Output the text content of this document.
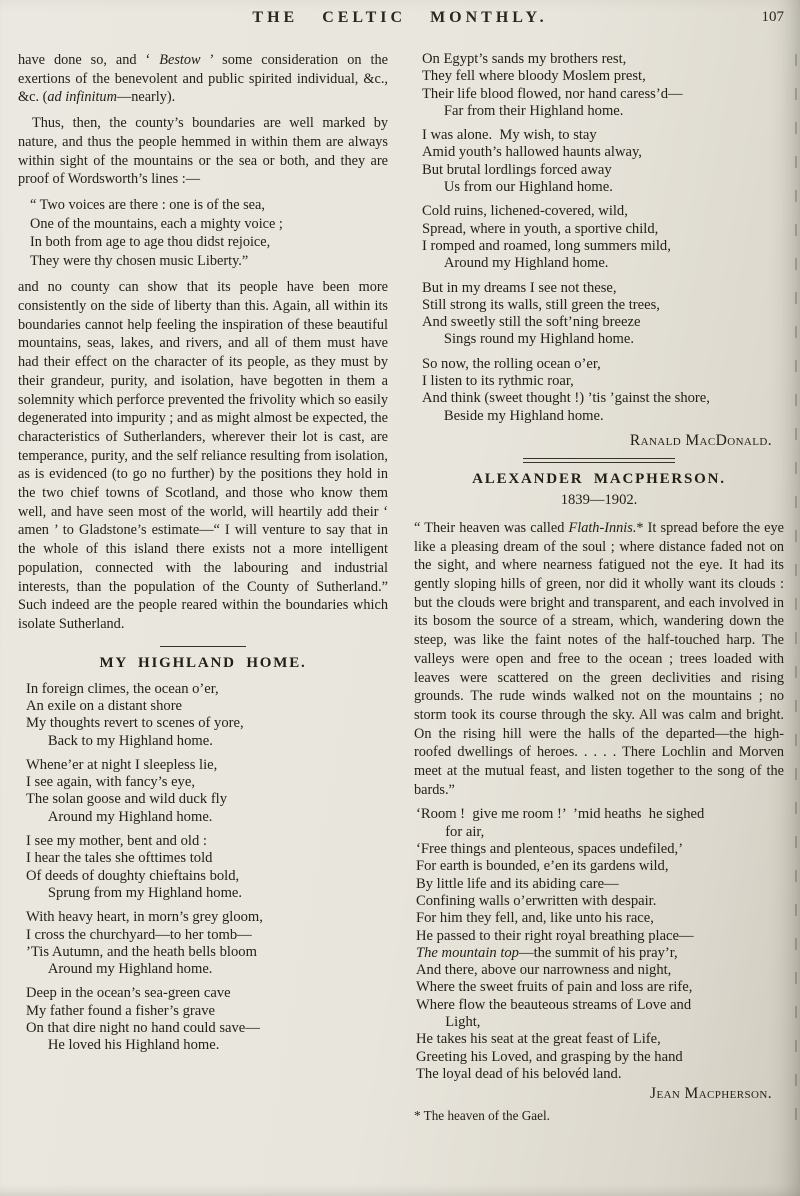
THE CELTIC MONTHLY.	107

have done so, and ‘ Bestow ’ some consideration on the exertions of the benevolent and public spirited individual, &c., &c. (ad infinitum—nearly).

Thus, then, the county’s boundaries are well marked by nature, and thus the people hemmed in within them are always within sight of the mountains or the sea or both, and they are proof of Wordsworth’s lines :—

“ Two voices are there : one is of the sea,
One of the mountains, each a mighty voice ;
In both from age to age thou didst rejoice,
They were thy chosen music Liberty.”

and no county can show that its people have been more consistently on the side of liberty than this. Again, all within its boundaries cannot help feeling the inspiration of these beautiful mountains, seas, lakes, and rivers, and all of them must have had their effect on the character of its people, as they must by their grandeur, purity, and isolation, have begotten in them a solemnity which perforce prevented the frivolity which so easily degenerated into impurity ; and as might almost be expected, the characteristics of Sutherlanders, wherever their lot is cast, are temperance, purity, and the self reliance resulting from isolation, as is evidenced (to go no further) by the positions they hold in the two chief towns of Scotland, and those who know them well, and have seen most of the world, will heartily add their ‘ amen ’ to Gladstone’s estimate—“ I will venture to say that in the whole of this island there exists not a more intelligent population, connected with the labouring and industrial interests, than the population of the County of Sutherland.” Such indeed are the people reared within the boundaries which isolate Sutherland.

MY HIGHLAND HOME.
In foreign climes, the ocean o’er,
An exile on a distant shore
My thoughts revert to scenes of yore,
Back to my Highland home.
Whene’er at night I sleepless lie,
I see again, with fancy’s eye,
The solan goose and wild duck fly
Around my Highland home.
I see my mother, bent and old :
I hear the tales she ofttimes told
Of deeds of doughty chieftains bold,
Sprung from my Highland home.
With heavy heart, in morn’s grey gloom,
I cross the churchyard—to her tomb—
’Tis Autumn, and the heath bells bloom
Around my Highland home.
Deep in the ocean’s sea-green cave
My father found a fisher’s grave
On that dire night no hand could save—
He loved his Highland home.
On Egypt’s sands my brothers rest,
They fell where bloody Moslem prest,
Their life blood flowed, nor hand caress’d—
Far from their Highland home.
I was alone.  My wish, to stay
Amid youth’s hallowed haunts alway,
But brutal lordlings forced away
Us from our Highland home.
Cold ruins, lichened-covered, wild,
Spread, where in youth, a sportive child,
I romped and roamed, long summers mild,
Around my Highland home.
But in my dreams I see not these,
Still strong its walls, still green the trees,
And sweetly still the soft’ning breeze
Sings round my Highland home.
So now, the rolling ocean o’er,
I listen to its rythmic roar,
And think (sweet thought !) ’tis ’gainst the shore,
Beside my Highland home.
Ranald MacDonald.
ALEXANDER MACPHERSON.
1839—1902.

“ Their heaven was called Flath-Innis.* It spread before the eye like a pleasing dream of the soul ; where distance faded not on the sight, and where nearness fatigued not the eye. It had its gently sloping hills of green, nor did it wholly want its clouds : but the clouds were bright and transparent, and each involved in its bosom the source of a stream, which, wandering down the steep, was like the faint notes of the half-touched harp. The valleys were open and free to the ocean ; trees loaded with leaves were scattered on the green declivities and rising grounds. The rude winds walked not on the mountains ; no storm took its course through the sky. All was calm and bright. On the rising hill were the halls of the departed—the high-roofed dwellings of heroes. . . . . There Lochlin and Morven meet at the mutual feast, and listen together to the song of the bards.”

‘Room !  give me room !’  ’mid heaths  he sighed
for air,
‘Free things and plenteous, spaces undefiled,’
For earth is bounded, e’en its gardens wild,
By little life and its abiding care—
Confining walls o’erwritten with despair.
For him they fell, and, like unto his race,
He passed to their right royal breathing place—
The mountain top—the summit of his pray’r,
And there, above our narrowness and night,
Where the sweet fruits of pain and loss are rife,
Where flow the beauteous streams of Love and
Light,
He takes his seat at the great feast of Life,
Greeting his Loved, and grasping by the hand
The loyal dead of his belovéd land.
Jean Macpherson.
* The heaven of the Gael.
